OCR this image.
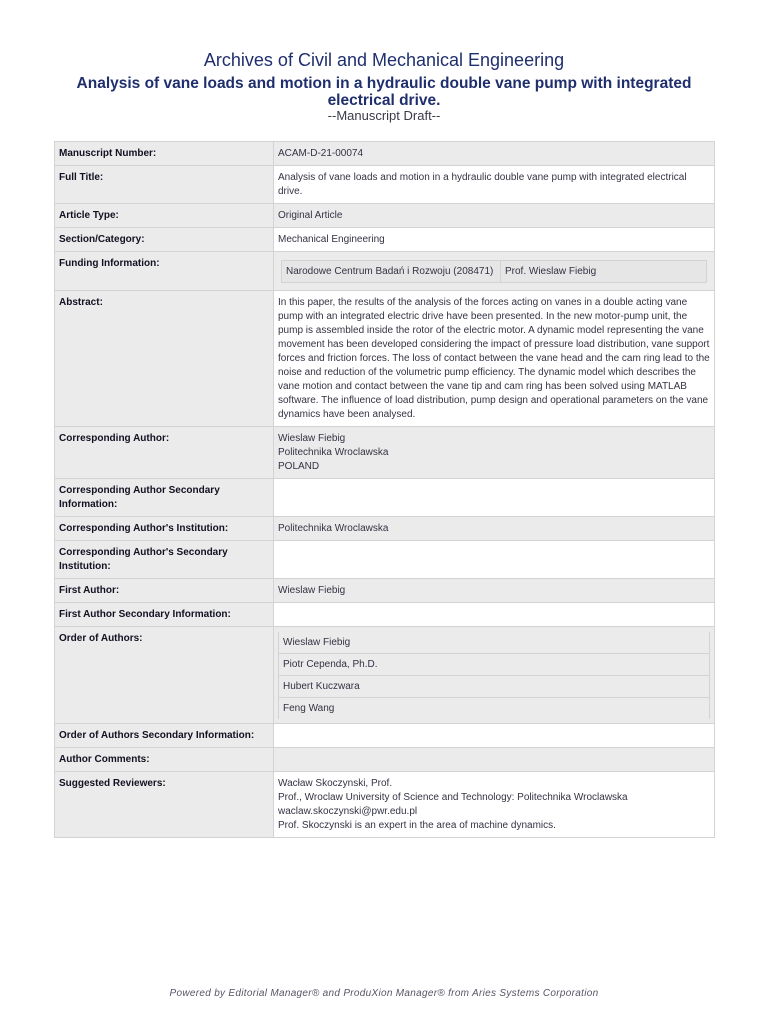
Archives of Civil and Mechanical Engineering

Analysis of vane loads and motion in a hydraulic double vane pump with integrated electrical drive.

--Manuscript Draft--

Manuscript Number:	ACAM-D-21-00074
Full Title:	Analysis of vane loads and motion in a hydraulic double vane pump with integrated electrical drive.
Article Type:	Original Article
Section/Category:	Mechanical Engineering
Funding Information:	
Narodowe Centrum Badań i Rozwoju (208471)	Prof. Wieslaw Fiebig

Abstract:	In this paper, the results of the analysis of the forces acting on vanes in a double acting vane pump with an integrated electric drive have been presented. In the new motor-pump unit, the pump is assembled inside the rotor of the electric motor. A dynamic model representing the vane movement has been developed considering the impact of pressure load distribution, vane support forces and friction forces. The loss of contact between the vane head and the cam ring lead to the noise and reduction of the volumetric pump efficiency. The dynamic model which describes the vane motion and contact between the vane tip and cam ring has been solved using MATLAB software. The influence of load distribution, pump design and operational parameters on the vane dynamics have been analysed.
Corresponding Author:	Wieslaw Fiebig
Politechnika Wroclawska
POLAND

Corresponding Author Secondary Information:	
Corresponding Author's Institution:	Politechnika Wroclawska
Corresponding Author's Secondary Institution:	
First Author:	Wieslaw Fiebig
First Author Secondary Information:	
Order of Authors:		Wieslaw Fiebig
Piotr Cependa, Ph.D.
Hubert Kuczwara
Feng Wang

Order of Authors Secondary Information:	
Author Comments:	
Suggested Reviewers:	Wacław Skoczynski, Prof.
Prof., Wroclaw University of Science and Technology: Politechnika Wroclawska
waclaw.skoczynski@pwr.edu.pl
Prof. Skoczynski is an expert in the area of machine dynamics.
Powered by Editorial Manager® and ProduXion Manager® from Aries Systems Corporation
